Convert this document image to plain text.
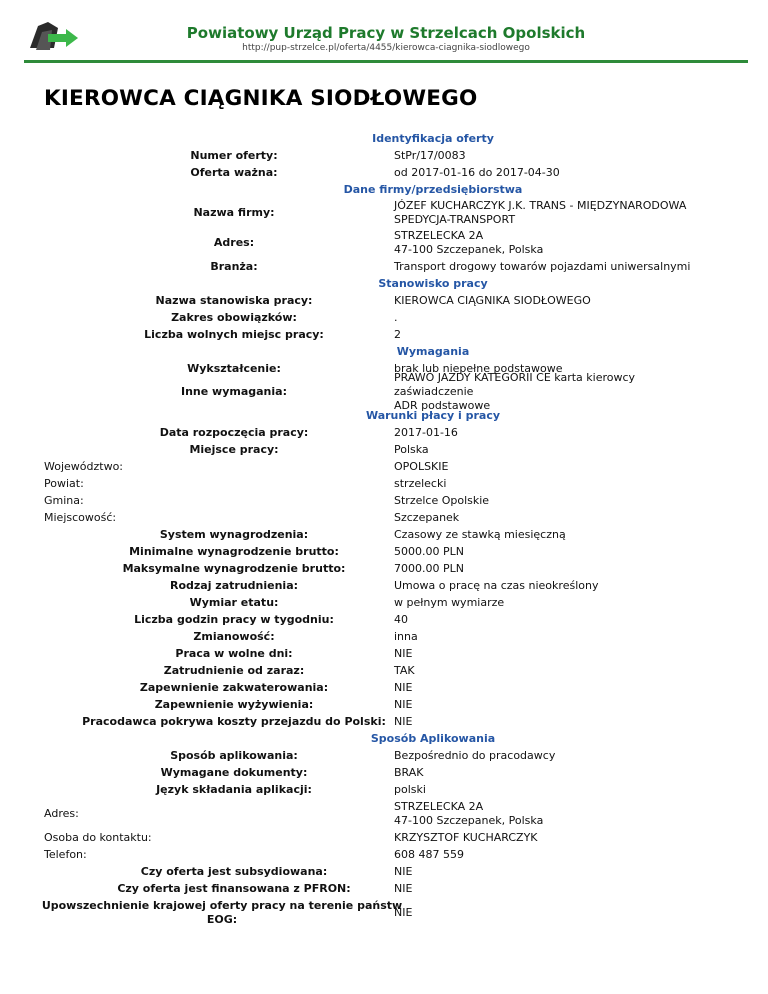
Powiatowy Urząd Pracy w Strzelcach Opolskich
http://pup-strzelce.pl/oferta/4455/kierowca-ciagnika-siodlowego
KIEROWCA CIĄGNIKA SIODŁOWEGO
Identyfikacja oferty
Numer oferty:	StPr/17/0083
Oferta ważna:	od 2017-01-16 do 2017-04-30
Dane firmy/przedsiębiorstwa
Nazwa firmy:
JÓZEF KUCHARCZYK J.K. TRANS - MIĘDZYNARODOWA
SPEDYCJA-TRANSPORT
Adres:
STRZELECKA 2A
47-100 Szczepanek, Polska
Branża:	Transport drogowy towarów pojazdami uniwersalnymi
Stanowisko pracy
Nazwa stanowiska pracy:	KIEROWCA CIĄGNIKA SIODŁOWEGO
Zakres obowiązków:	.
Liczba wolnych miejsc pracy:	2
Wymagania
Wykształcenie:	brak lub niepełne podstawowe
Inne wymagania:
PRAWO JAZDY KATEGORII CE karta kierowcy zaświadczenie
ADR podstawowe
Warunki płacy i pracy
Data rozpoczęcia pracy:	2017-01-16
Miejsce pracy:	Polska
Województwo:	OPOLSKIE
Powiat:	strzelecki
Gmina:	Strzelce Opolskie
Miejscowość:	Szczepanek
System wynagrodzenia:	Czasowy ze stawką miesięczną
Minimalne wynagrodzenie brutto:	5000.00 PLN
Maksymalne wynagrodzenie brutto:	7000.00 PLN
Rodzaj zatrudnienia:	Umowa o pracę na czas nieokreślony
Wymiar etatu:	w pełnym wymiarze
Liczba godzin pracy w tygodniu:	40
Zmianowość:	inna
Praca w wolne dni:	NIE
Zatrudnienie od zaraz:	TAK
Zapewnienie zakwaterowania:	NIE
Zapewnienie wyżywienia:	NIE
Pracodawca pokrywa koszty przejazdu do Polski: NIE
Sposób Aplikowania
Sposób aplikowania:	Bezpośrednio do pracodawcy
Wymagane dokumenty:	BRAK
Język składania aplikacji:	polski
Adres:
STRZELECKA 2A
47-100 Szczepanek, Polska
Osoba do kontaktu:	KRZYSZTOF KUCHARCZYK
Telefon:	608 487 559
Czy oferta jest subsydiowana:	NIE
Czy oferta jest finansowana z PFRON:	NIE
Upowszechnienie krajowej oferty pracy na terenie państw EOG:
NIE
